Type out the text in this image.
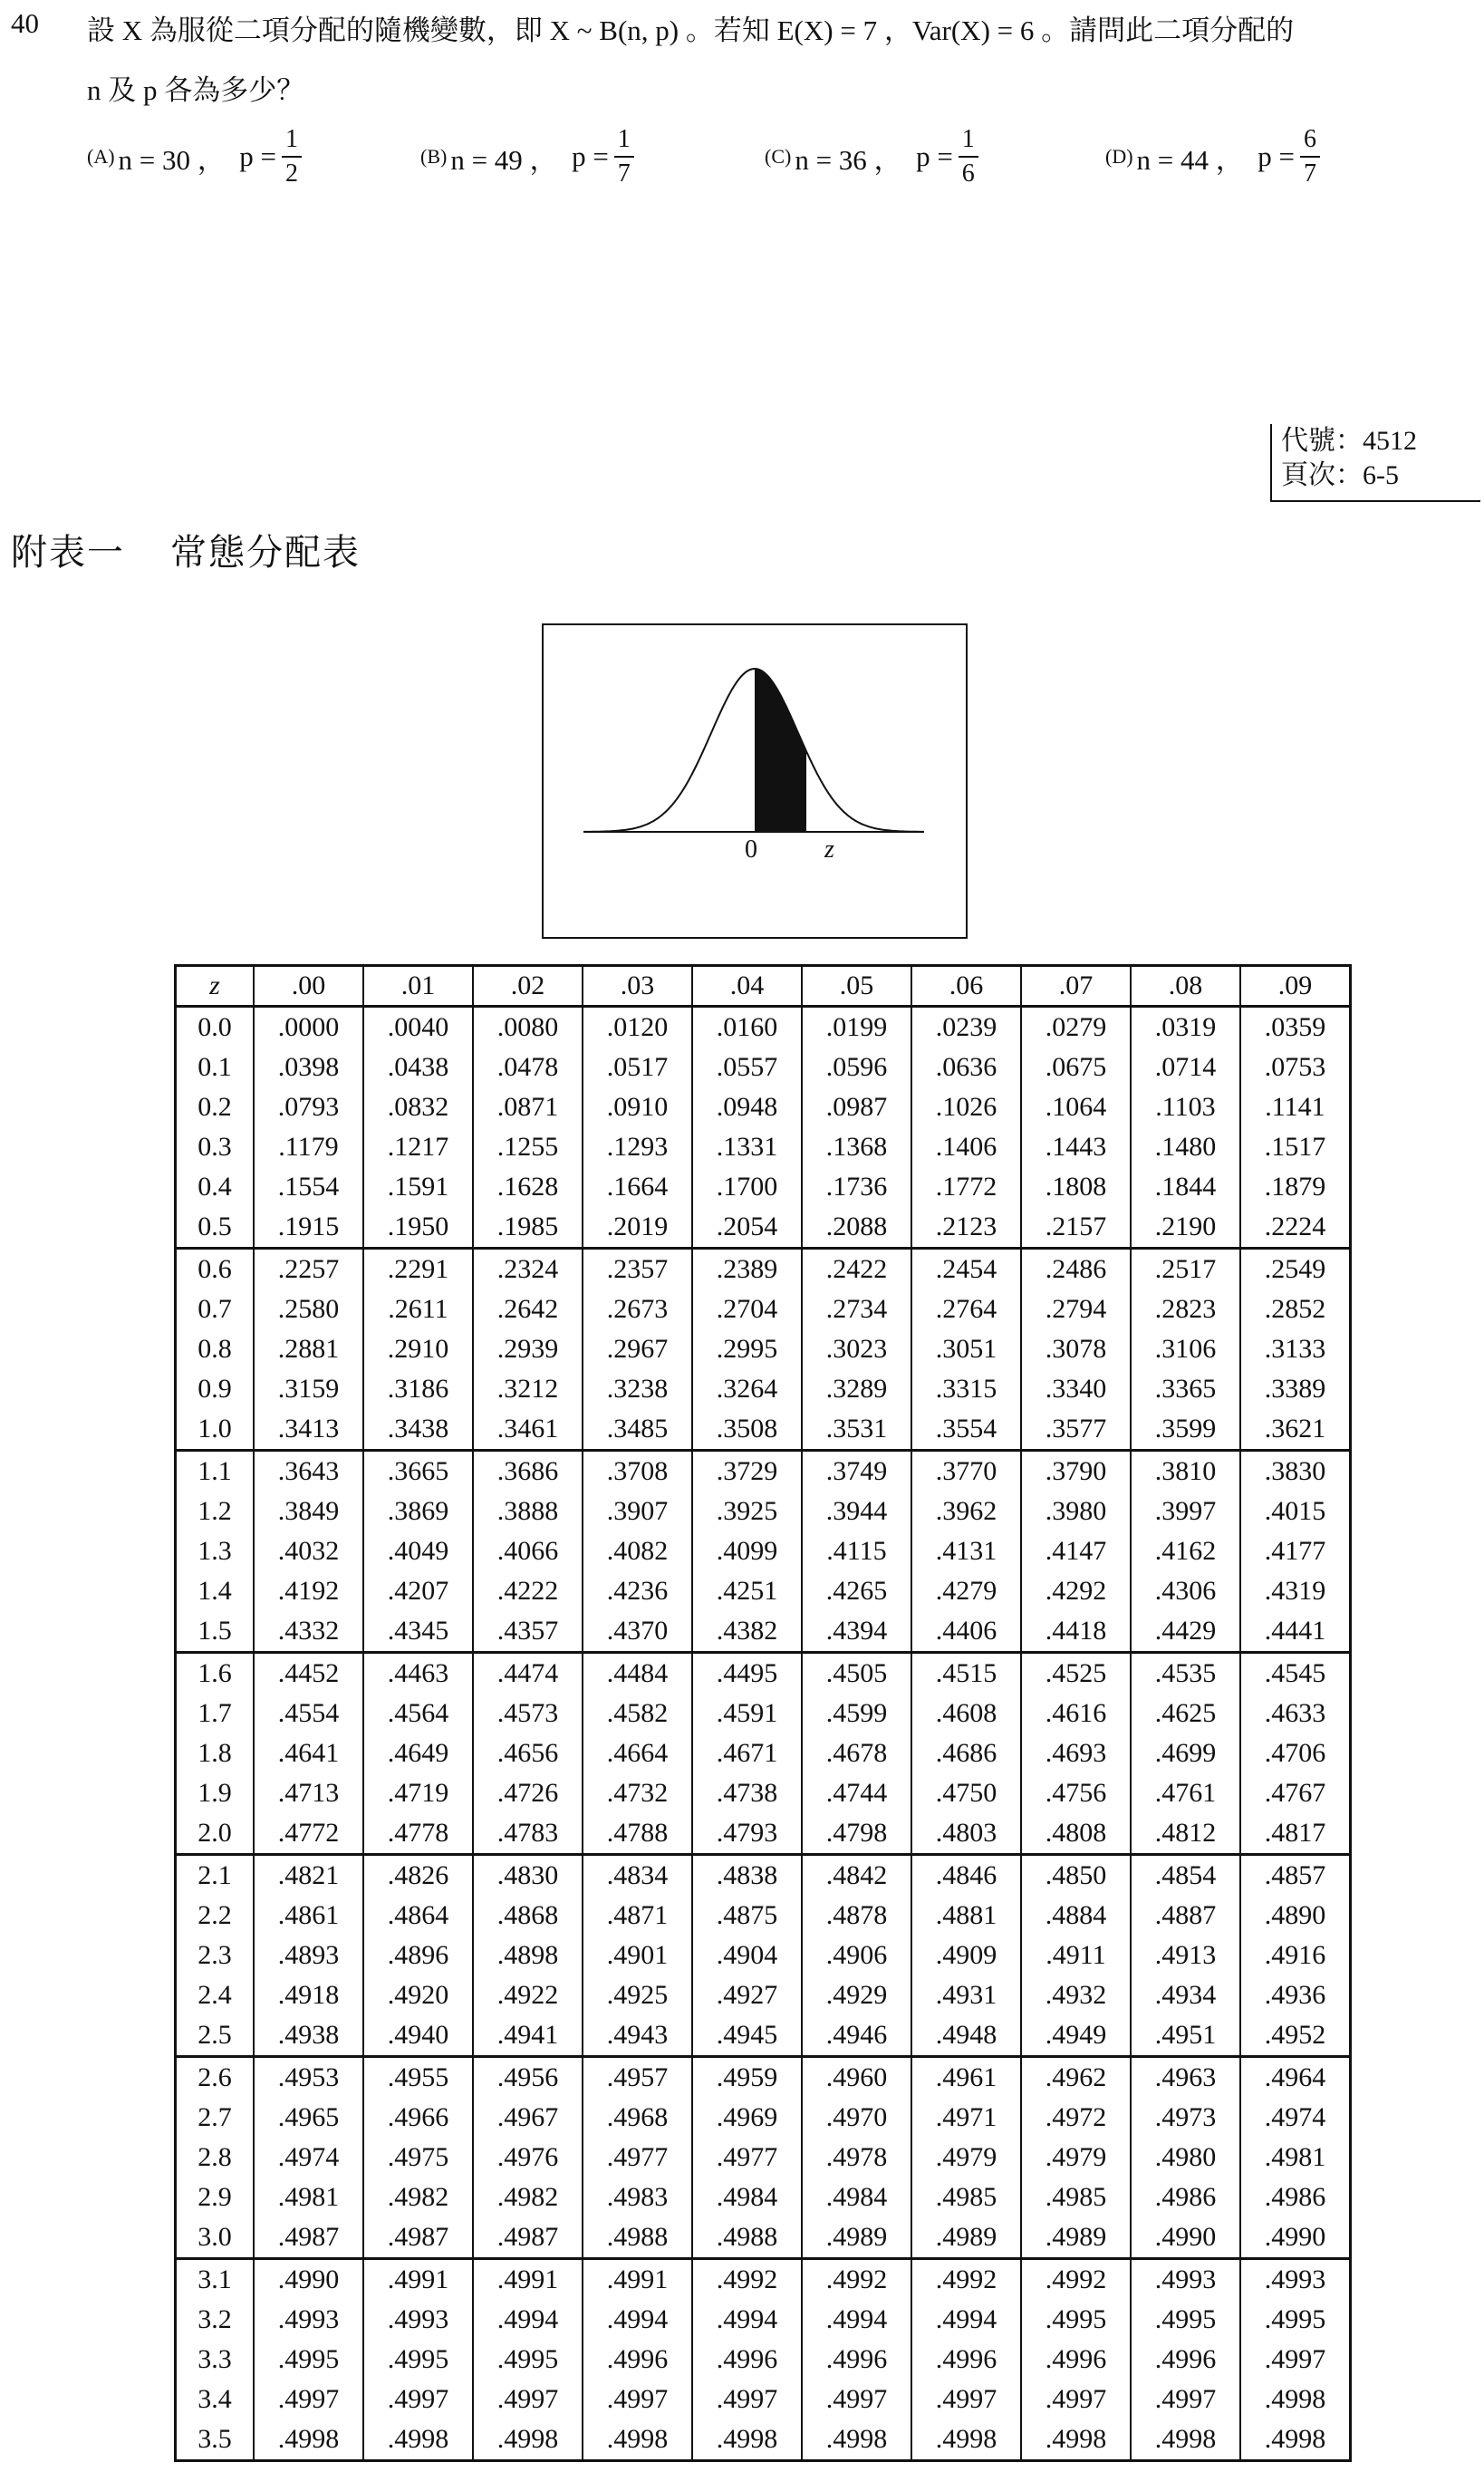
40 設 X 為服從二項分配的隨機變數，即 X ~ B(n, p) 。若知 E(X) = 7 ，Var(X) = 6 。請問此二項分配的
n 及 p 各為多少？
(A) n = 30 ，
$p = \frac{1}{2}$	(B) n = 49 ，
$p = \frac{1}{7}$	(C) n = 36 ，
$p = \frac{1}{6}$	(D) n = 44 ，
$p = \frac{6}{7}$
代號：4512
頁次：6-5
附表一 常態分配表
0	z
z	.00	.01	.02	.03	.04	.05	.06	.07	.08	.09
0.0	.0000	.0040	.0080	.0120	.0160	.0199	.0239	.0279	.0319	.0359
0.1	.0398	.0438	.0478	.0517	.0557	.0596	.0636	.0675	.0714	.0753
0.2	.0793	.0832	.0871	.0910	.0948	.0987	.1026	.1064	.1103	.1141
0.3	.1179	.1217	.1255	.1293	.1331	.1368	.1406	.1443	.1480	.1517
0.4	.1554	.1591	.1628	.1664	.1700	.1736	.1772	.1808	.1844	.1879
0.5	.1915	.1950	.1985	.2019	.2054	.2088	.2123	.2157	.2190	.2224
0.6	.2257	.2291	.2324	.2357	.2389	.2422	.2454	.2486	.2517	.2549
0.7	.2580	.2611	.2642	.2673	.2704	.2734	.2764	.2794	.2823	.2852
0.8	.2881	.2910	.2939	.2967	.2995	.3023	.3051	.3078	.3106	.3133
0.9	.3159	.3186	.3212	.3238	.3264	.3289	.3315	.3340	.3365	.3389
1.0	.3413	.3438	.3461	.3485	.3508	.3531	.3554	.3577	.3599	.3621
1.1	.3643	.3665	.3686	.3708	.3729	.3749	.3770	.3790	.3810	.3830
1.2	.3849	.3869	.3888	.3907	.3925	.3944	.3962	.3980	.3997	.4015
1.3	.4032	.4049	.4066	.4082	.4099	.4115	.4131	.4147	.4162	.4177
1.4	.4192	.4207	.4222	.4236	.4251	.4265	.4279	.4292	.4306	.4319
1.5	.4332	.4345	.4357	.4370	.4382	.4394	.4406	.4418	.4429	.4441
1.6	.4452	.4463	.4474	.4484	.4495	.4505	.4515	.4525	.4535	.4545
1.7	.4554	.4564	.4573	.4582	.4591	.4599	.4608	.4616	.4625	.4633
1.8	.4641	.4649	.4656	.4664	.4671	.4678	.4686	.4693	.4699	.4706
1.9	.4713	.4719	.4726	.4732	.4738	.4744	.4750	.4756	.4761	.4767
2.0	.4772	.4778	.4783	.4788	.4793	.4798	.4803	.4808	.4812	.4817
2.1	.4821	.4826	.4830	.4834	.4838	.4842	.4846	.4850	.4854	.4857
2.2	.4861	.4864	.4868	.4871	.4875	.4878	.4881	.4884	.4887	.4890
2.3	.4893	.4896	.4898	.4901	.4904	.4906	.4909	.4911	.4913	.4916
2.4	.4918	.4920	.4922	.4925	.4927	.4929	.4931	.4932	.4934	.4936
2.5	.4938	.4940	.4941	.4943	.4945	.4946	.4948	.4949	.4951	.4952
2.6	.4953	.4955	.4956	.4957	.4959	.4960	.4961	.4962	.4963	.4964
2.7	.4965	.4966	.4967	.4968	.4969	.4970	.4971	.4972	.4973	.4974
2.8	.4974	.4975	.4976	.4977	.4977	.4978	.4979	.4979	.4980	.4981
2.9	.4981	.4982	.4982	.4983	.4984	.4984	.4985	.4985	.4986	.4986
3.0	.4987	.4987	.4987	.4988	.4988	.4989	.4989	.4989	.4990	.4990
3.1	.4990	.4991	.4991	.4991	.4992	.4992	.4992	.4992	.4993	.4993
3.2	.4993	.4993	.4994	.4994	.4994	.4994	.4994	.4995	.4995	.4995
3.3	.4995	.4995	.4995	.4996	.4996	.4996	.4996	.4996	.4996	.4997
3.4	.4997	.4997	.4997	.4997	.4997	.4997	.4997	.4997	.4997	.4998
3.5	.4998	.4998	.4998	.4998	.4998	.4998	.4998	.4998	.4998	.4998
